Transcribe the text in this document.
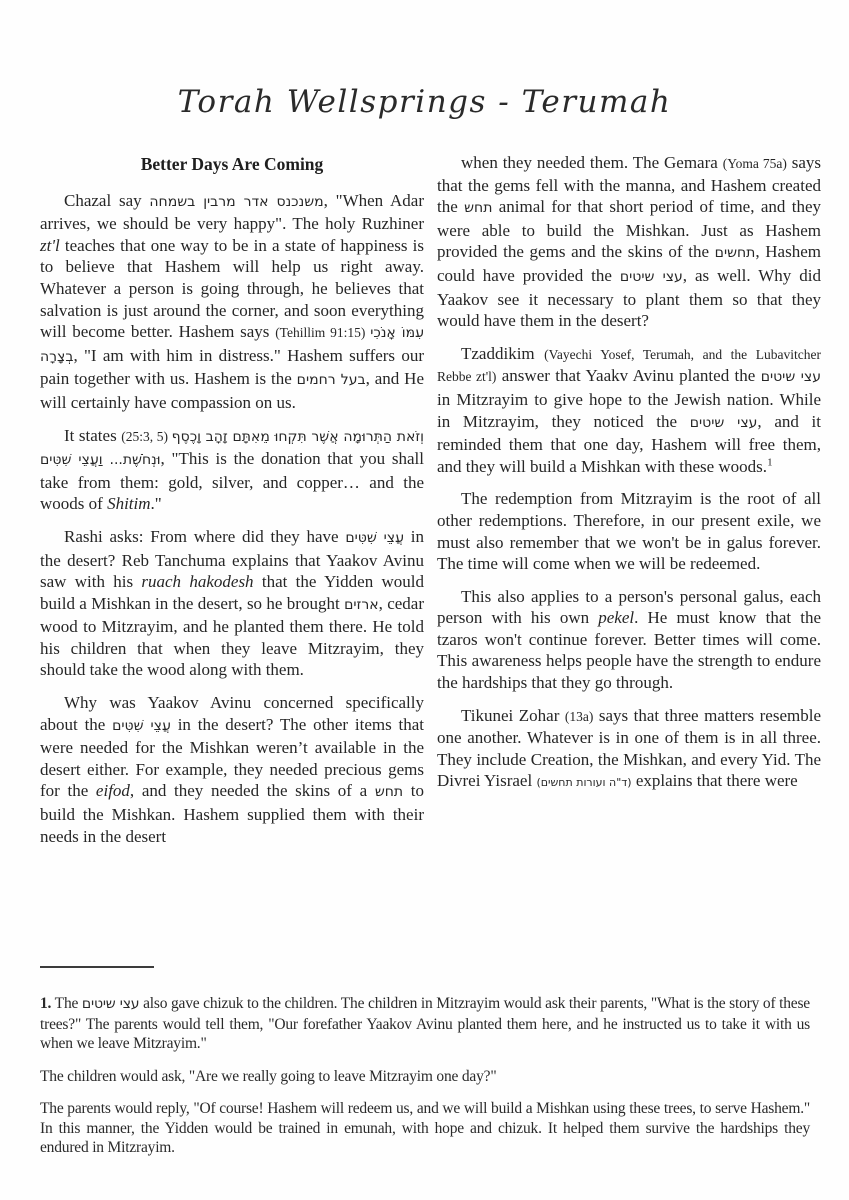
Torah Wellsprings - Terumah
Better Days Are Coming

Chazal say משנכנס אדר מרבין בשמחה, "When Adar arrives, we should be very happy". The holy Ruzhiner zt'l teaches that one way to be in a state of happiness is to believe that Hashem will help us right away. Whatever a person is going through, he believes that salvation is just around the corner, and soon everything will become better. Hashem says (Tehillim 91:15) עִמּוֹ אָנֹכִי בְצָרָה, "I am with him in distress." Hashem suffers our pain together with us. Hashem is the בעל רחמים, and He will certainly have compassion on us.

It states (25:3, 5) וְזֹאת הַתְּרוּמָה אֲשֶׁר תִּקְחוּ מֵאִתָּם זָהָב וָכֶסֶף וּנְחֹשֶׁת... וַעֲצֵי שִׁטִּים, "This is the donation that you shall take from them: gold, silver, and copper… and the woods of Shitim."

Rashi asks: From where did they have עֲצֵי שִׁטִּים in the desert? Reb Tanchuma explains that Yaakov Avinu saw with his ruach hakodesh that the Yidden would build a Mishkan in the desert, so he brought ארזים, cedar wood to Mitzrayim, and he planted them there. He told his children that when they leave Mitzrayim, they should take the wood along with them.

Why was Yaakov Avinu concerned specifically about the עֲצֵי שִׁטִּים in the desert? The other items that were needed for the Mishkan weren’t available in the desert either. For example, they needed precious gems for the eifod, and they needed the skins of a תחש to build the Mishkan. Hashem supplied them with their needs in the desert

when they needed them. The Gemara (Yoma 75a) says that the gems fell with the manna, and Hashem created the תחש animal for that short period of time, and they were able to build the Mishkan. Just as Hashem provided the gems and the skins of the תחשים, Hashem could have provided the עצי שיטים, as well. Why did Yaakov see it necessary to plant them so that they would have them in the desert?

Tzaddikim (Vayechi Yosef, Terumah, and the Lubavitcher Rebbe zt'l) answer that Yaakv Avinu planted the עצי שיטים in Mitzrayim to give hope to the Jewish nation. While in Mitzrayim, they noticed the עצי שיטים, and it reminded them that one day, Hashem will free them, and they will build a Mishkan with these woods.$^1$

The redemption from Mitzrayim is the root of all other redemptions. Therefore, in our present exile, we must also remember that we won't be in galus forever. The time will come when we will be redeemed.

This also applies to a person's personal galus, each person with his own pekel. He must know that the tzaros won't continue forever. Better times will come. This awareness helps people have the strength to endure the hardships that they go through.

Tikunei Zohar (13a) says that three matters resemble one another. Whatever is in one of them is in all three. They include Creation, the Mishkan, and every Yid. The Divrei Yisrael (ד"ה ועורות תחשים) explains that there were

1. The עצי שיטים also gave chizuk to the children. The children in Mitzrayim would ask their parents, "What is the story of these trees?" The parents would tell them, "Our forefather Yaakov Avinu planted them here, and he instructed us to take it with us when we leave Mitzrayim."

The children would ask, "Are we really going to leave Mitzrayim one day?"

The parents would reply, "Of course! Hashem will redeem us, and we will build a Mishkan using these trees, to serve Hashem." In this manner, the Yidden would be trained in emunah, with hope and chizuk. It helped them survive the hardships they endured in Mitzrayim.
